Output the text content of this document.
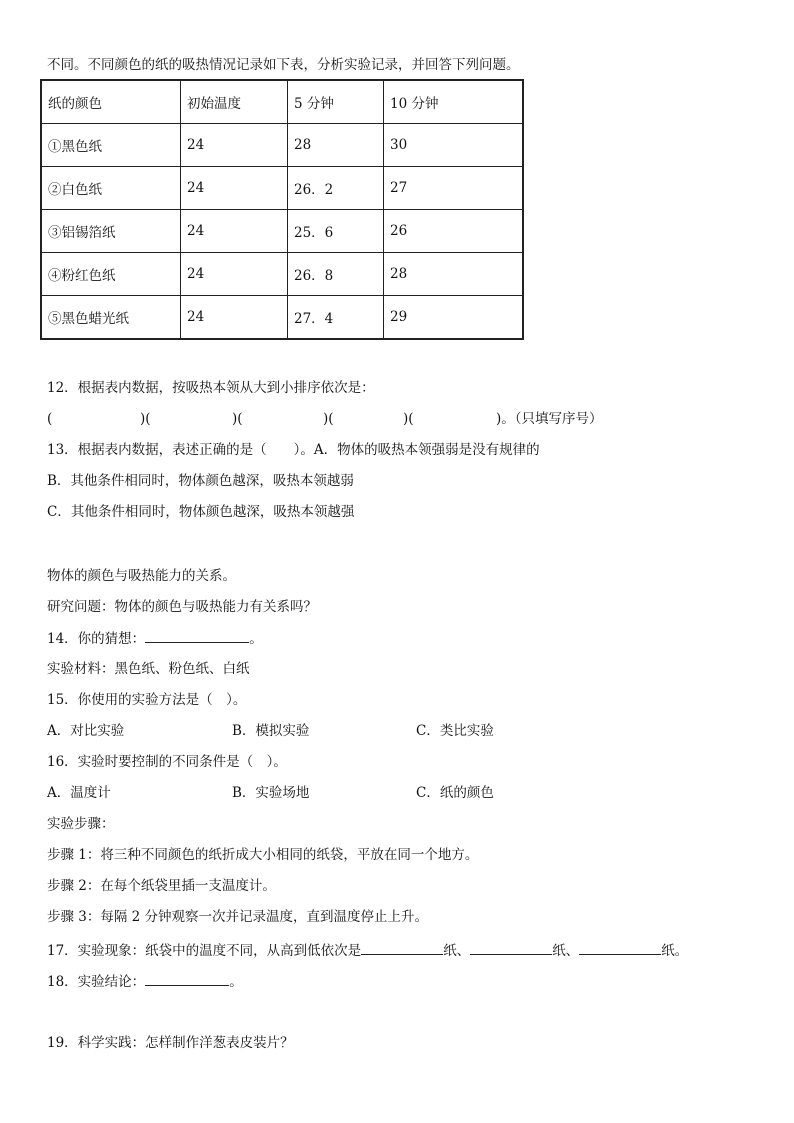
不同。不同颜色的纸的吸热情况记录如下表，分析实验记录，并回答下列问题。
纸的颜色	初始温度	5 分钟	10 分钟
①黑色纸	24	28	30
②白色纸	24	26．2	27
③铝锡箔纸	24	25．6	26
④粉红色纸	24	26．8	28
⑤黑色蜡光纸	24	27．4	29
12．根据表内数据，按吸热本领从大到小排序依次是：
(	)(	)(	)(	)(	)。（只填写序号）
13．根据表内数据，表述正确的是（　　）。A．物体的吸热本领强弱是没有规律的
B．其他条件相同时，物体颜色越深，吸热本领越弱
C．其他条件相同时，物体颜色越深，吸热本领越强
物体的颜色与吸热能力的关系。
研究问题：物体的颜色与吸热能力有关系吗？
14．你的猜想：	。
实验材料：黑色纸、粉色纸、白纸
15．你使用的实验方法是（　）。
A．对比实验	B．模拟实验	C．类比实验
16．实验时要控制的不同条件是（　）。
A．温度计	B．实验场地	C．纸的颜色
实验步骤：
步骤 1：将三种不同颜色的纸折成大小相同的纸袋，平放在同一个地方。
步骤 2：在每个纸袋里插一支温度计。
步骤 3：每隔 2 分钟观察一次并记录温度，直到温度停止上升。
17．实验现象：纸袋中的温度不同，从高到低依次是	纸、	纸、	纸。
18．实验结论：	。
19．科学实践：怎样制作洋葱表皮装片？
